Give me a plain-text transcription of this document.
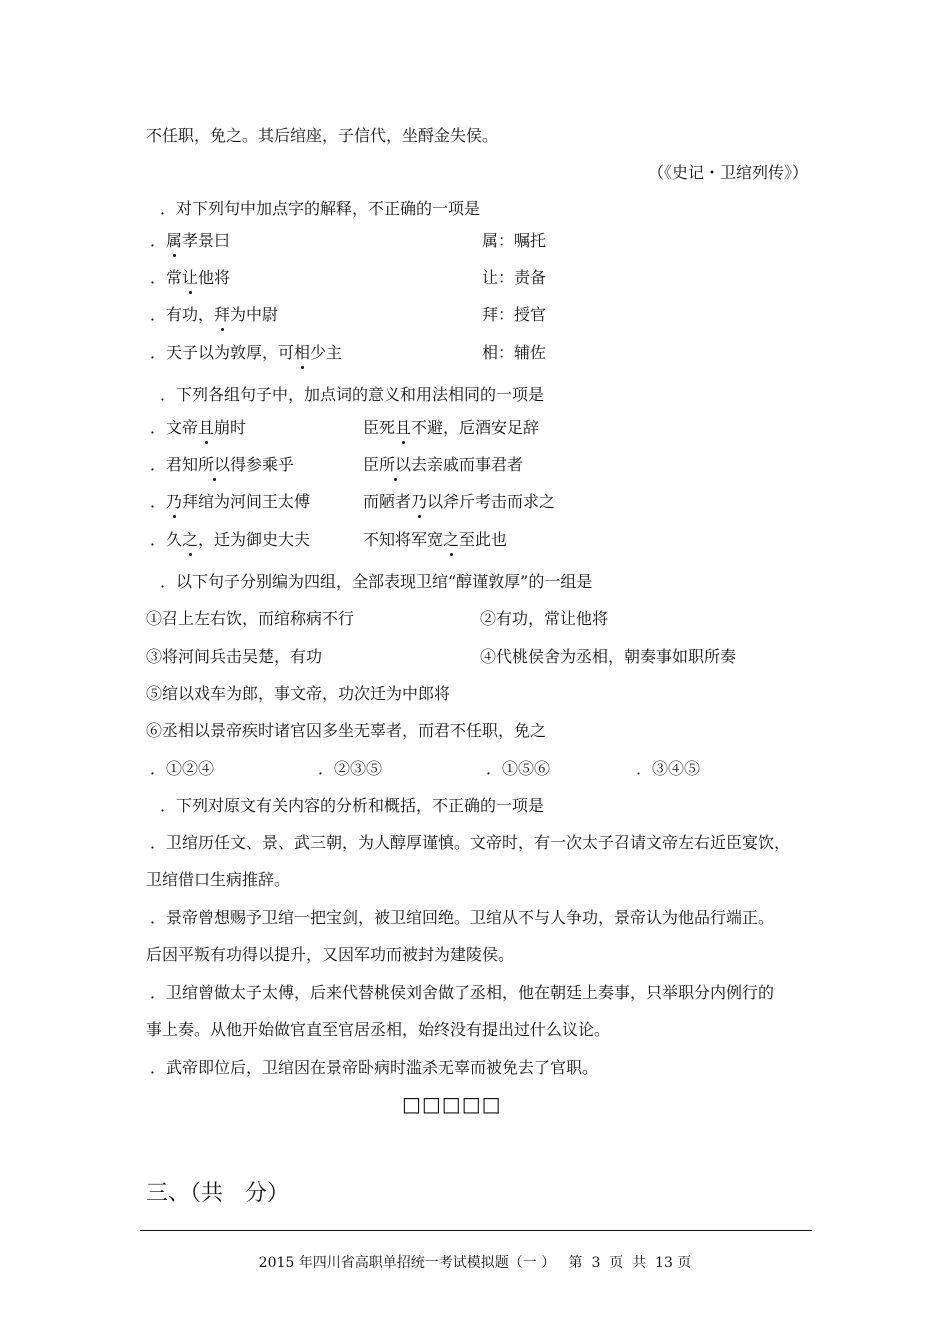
不任职，免之。其后绾座，子信代，坐酹金失侯。
（《史记・卫绾列传》）
．对下列句中加点字的解释，不正确的一项是
．属孝景曰	属：嘱托
．常让他将	让：责备
．有功，拜为中尉	拜：授官
．天子以为敦厚，可相少主	相：辅佐
．下列各组句子中，加点词的意义和用法相同的一项是
．文帝且崩时	臣死且不避，卮酒安足辞
．君知所以得参乘乎	臣所以去亲戚而事君者
．乃拜绾为河间王太傅	而陋者乃以斧斤考击而求之
．久之，迁为御史大夫	不知将军宽之至此也
．以下句子分别编为四组，全部表现卫绾“醇谨敦厚”的一组是
①召上左右饮，而绾称病不行	②有功，常让他将
③将河间兵击吴楚，有功	④代桃侯舍为丞相，朝奏事如职所奏
⑤绾以戏车为郎，事文帝，功次迁为中郎将
⑥丞相以景帝疾时诸官囚多坐无辜者，而君不任职，免之
．①②④	．②③⑤	．①⑤⑥	．③④⑤
．下列对原文有关内容的分析和概括，不正确的一项是
．卫绾历任文、景、武三朝，为人醇厚谨慎。文帝时，有一次太子召请文帝左右近臣宴饮，
卫绾借口生病推辞。
．景帝曾想赐予卫绾一把宝剑，被卫绾回绝。卫绾从不与人争功，景帝认为他品行端正。
后因平叛有功得以提升，又因军功而被封为建陵侯。
．卫绾曾做太子太傅，后来代替桃侯刘舍做了丞相，他在朝廷上奏事，只举职分内例行的
事上奏。从他开始做官直至官居丞相，始终没有提出过什么议论。
．武帝即位后，卫绾因在景帝卧病时滥杀无辜而被免去了官职。
□□□□□
三、（共　分）
2015 年四川省高职单招统一考试模拟题（一 ）   第  3  页  共  13 页
